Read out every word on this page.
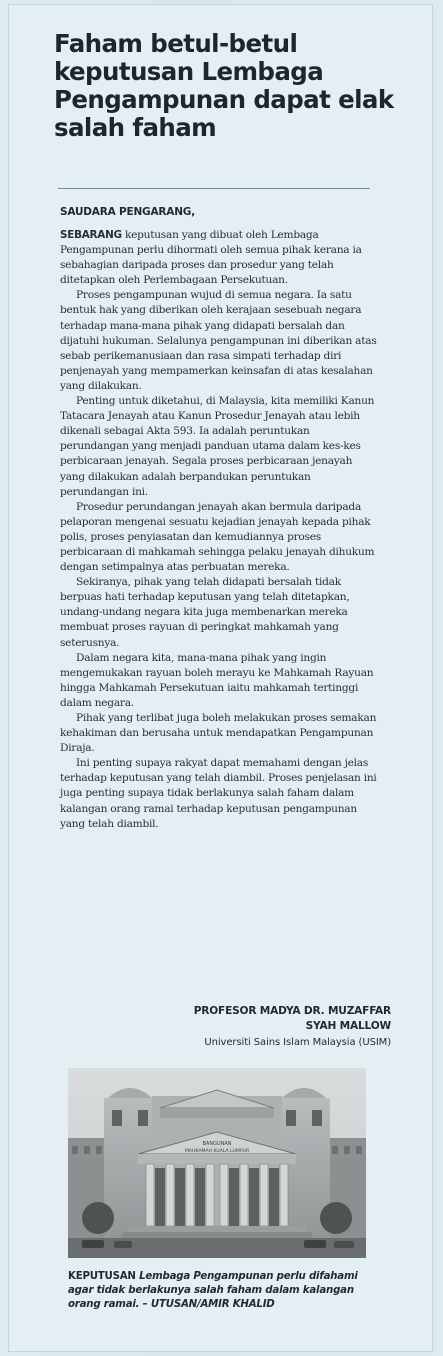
Faham betul-betul keputusan Lembaga Pengampunan dapat elak salah faham
SAUDARA PENGARANG,

SEBARANG keputusan yang dibuat oleh Lembaga Pengampunan perlu dihormati oleh semua pihak kerana ia sebahagian daripada proses dan prosedur yang telah ditetapkan oleh Perlembagaan Persekutuan.

Proses pengampunan wujud di semua negara. Ia satu bentuk hak yang diberikan oleh kerajaan sesebuah negara terhadap mana-mana pihak yang didapati bersalah dan dijatuhi hukuman. Selalunya pengampunan ini diberikan atas sebab perikemanusiaan dan rasa simpati terhadap diri penjenayah yang mempamerkan keinsafan di atas kesalahan yang dilakukan.

Penting untuk diketahui, di Malaysia, kita memiliki Kanun Tatacara Jenayah atau Kanun Prosedur Jenayah atau lebih dikenali sebagai Akta 593. Ia adalah peruntukan perundangan yang menjadi panduan utama dalam kes-kes perbicaraan jenayah. Segala proses perbicaraan jenayah yang dilakukan adalah berpandukan peruntukan perundangan ini.

Prosedur perundangan jenayah akan bermula daripada pelaporan mengenai sesuatu kejadian jenayah kepada pihak polis, proses penyiasatan dan kemudiannya proses perbicaraan di mahkamah sehingga pelaku jenayah dihukum dengan setimpalnya atas perbuatan mereka.

Sekiranya, pihak yang telah didapati bersalah tidak berpuas hati terhadap keputusan yang telah ditetapkan, undang-undang negara kita juga membenarkan mereka membuat proses rayuan di peringkat mahkamah yang seterusnya.

Dalam negara kita, mana-mana pihak yang ingin mengemukakan rayuan boleh merayu ke Mahkamah Rayuan hingga Mahkamah Persekutuan iaitu mahkamah tertinggi dalam negara.

Pihak yang terlibat juga boleh melakukan proses semakan kehakiman dan berusaha untuk mendapatkan Pengampunan Diraja.

Ini penting supaya rakyat dapat memahami dengan jelas terhadap keputusan yang telah diambil. Proses penjelasan ini juga penting supaya tidak berlakunya salah faham dalam kalangan orang ramai terhadap keputusan pengampunan yang telah diambil.

PROFESOR MADYA DR. MUZAFFAR
SYAH MALLOW
Universiti Sains Islam Malaysia (USIM)
BANGUNAN
MAHKAMAH KUALA LUMPUR

KEPUTUSAN Lembaga Pengampunan perlu difahami agar tidak berlakunya salah faham dalam kalangan orang ramai. – UTUSAN/AMIR KHALID
